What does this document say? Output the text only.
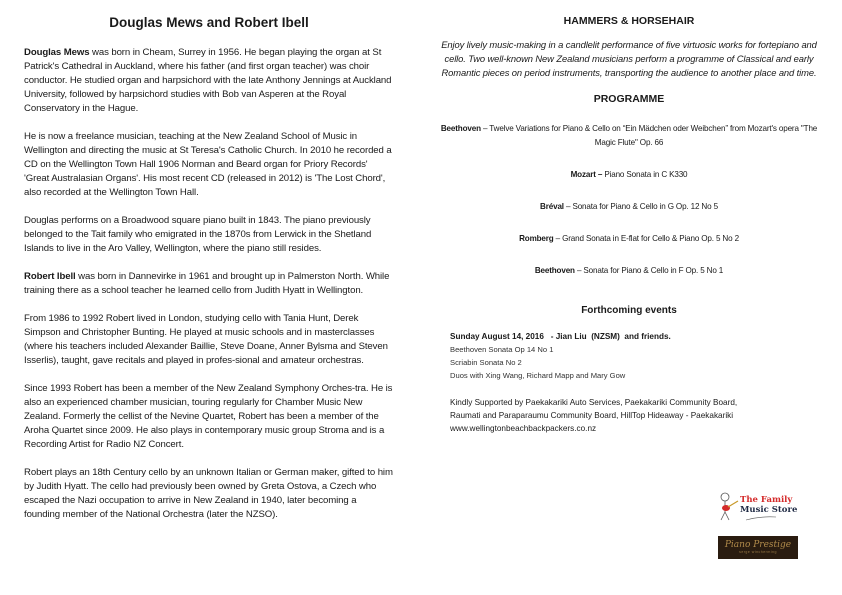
Douglas Mews and Robert Ibell

Douglas Mews was born in Cheam, Surrey in 1956. He began playing the organ at St Patrick's Cathedral in Auckland, where his father (and first organ teacher) was choir conductor. He studied organ and harpsichord with the late Anthony Jennings at Auckland University, followed by harpsichord studies with Bob van Asperen at the Royal Conservatory in the Hague.

He is now a freelance musician, teaching at the New Zealand School of Music in Wellington and directing the music at St Teresa's Catholic Church. In 2010 he recorded a CD on the Wellington Town Hall 1906 Norman and Beard organ for Priory Records' 'Great Australasian Organs'. His most recent CD (released in 2012) is 'The Lost Chord', also recorded at the Wellington Town Hall.

Douglas performs on a Broadwood square piano built in 1843. The piano previously belonged to the Tait family who emigrated in the 1870s from Lerwick in the Shetland Islands to live in the Aro Valley, Wellington, where the piano still resides.

Robert Ibell was born in Dannevirke in 1961 and brought up in Palmerston North. While training there as a school teacher he learned cello from Judith Hyatt in Wellington.

From 1986 to 1992 Robert lived in London, studying cello with Tania Hunt, Derek Simpson and Christopher Bunting. He played at music schools and in masterclasses (where his teachers included Alexander Baillie, Steve Doane, Anner Bylsma and Steven Isserlis), taught, gave recitals and played in profes-sional and amateur orchestras.

Since 1993 Robert has been a member of the New Zealand Symphony Orches-tra. He is also an experienced chamber musician, touring regularly for Chamber Music New Zealand. Formerly the cellist of the Nevine Quartet, Robert has been a member of the Aroha Quartet since 2009. He also plays in contemporary music group Stroma and is a Recording Artist for Radio NZ Concert.

Robert plays an 18th Century cello by an unknown Italian or German maker, gifted to him by Judith Hyatt. The cello had previously been owned by Greta Ostova, a Czech who escaped the Nazi occupation to arrive in New Zealand in 1940, later becoming a founding member of the National Orchestra (later the NZSO).

HAMMERS & HORSEHAIR
Enjoy lively music-making in a candlelit performance of five virtuosic works for fortepiano and cello. Two well-known New Zealand musicians perform a programme of Classical and early Romantic pieces on period instruments, transporting the audience to another place and time.
PROGRAMME
Beethoven – Twelve Variations for Piano & Cello on “Ein Mädchen oder Weibchen” from Mozart's opera "The Magic Flute" Op. 66
Mozart – Piano Sonata in C K330
Bréval – Sonata for Piano & Cello in G Op. 12 No 5
Romberg – Grand Sonata in E-flat for Cello & Piano Op. 5 No 2
Beethoven – Sonata for Piano & Cello in F Op. 5 No 1
Forthcoming events
Sunday August 14, 2016   - Jian Liu  (NZSM)  and friends.
Beethoven Sonata Op 14 No 1
Scriabin Sonata No 2
Duos with Xing Wang, Richard Mapp and Mary Gow
Kindly Supported by Paekakariki Auto Services, Paekakariki Community Board,
Raumati and Paraparaumu Community Board, HillTop Hideaway - Paekakariki
www.wellingtonbeachbackpackers.co.nz
The Family
Music Store
Piano Prestige
serge wincherming
